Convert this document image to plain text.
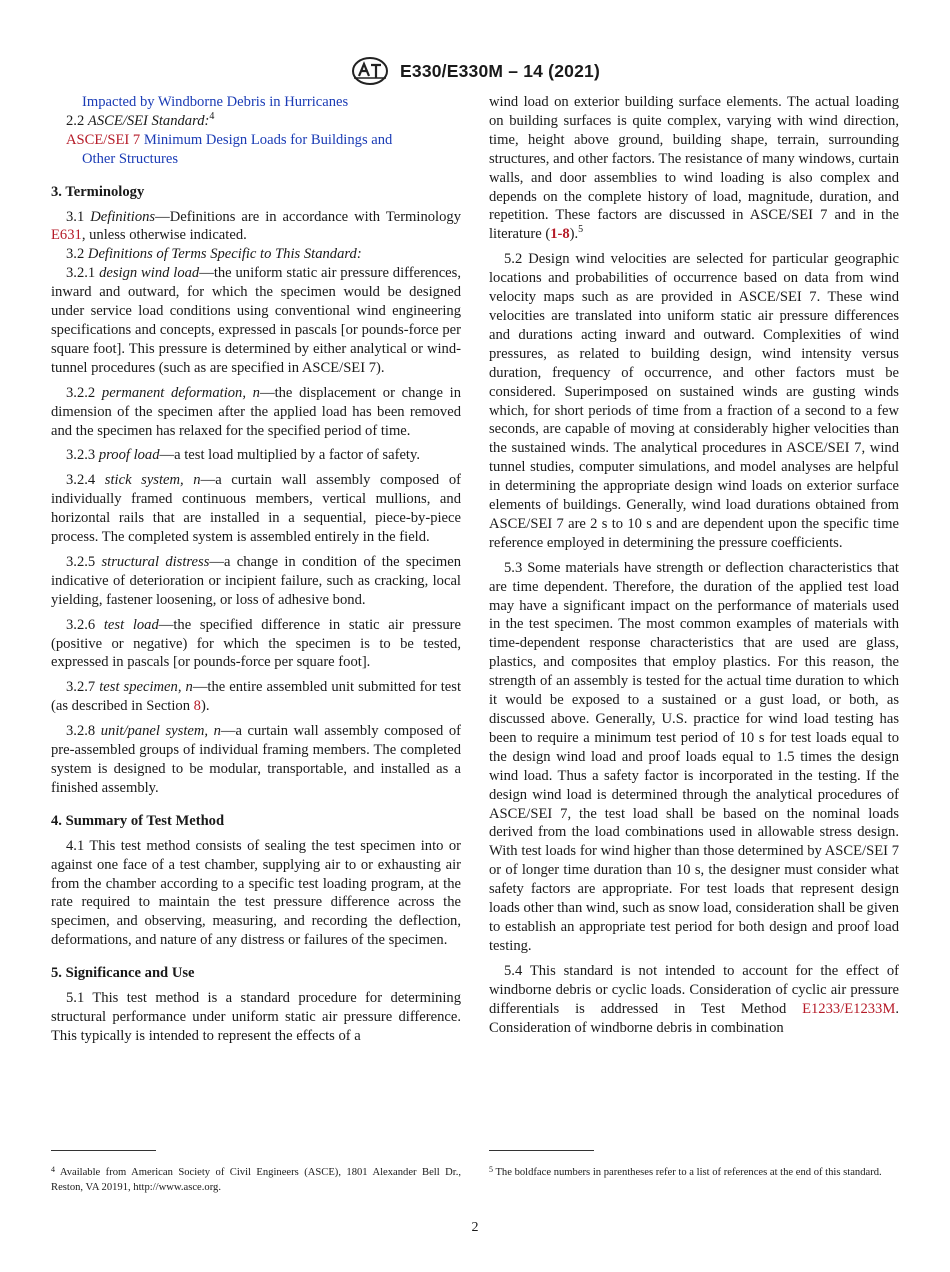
E330/E330M – 14 (2021)

Impacted by Windborne Debris in Hurricanes

2.2 ASCE/SEI Standard:$^4$

ASCE/SEI 7 Minimum Design Loads for Buildings and

Other Structures

3. Terminology

3.1 Definitions—Definitions are in accordance with Terminology E631, unless otherwise indicated.

3.2 Definitions of Terms Specific to This Standard:

3.2.1 design wind load—the uniform static air pressure differences, inward and outward, for which the specimen would be designed under service load conditions using conventional wind engineering specifications and concepts, expressed in pascals [or pounds-force per square foot]. This pressure is determined by either analytical or wind-tunnel procedures (such as are specified in ASCE/SEI 7).

3.2.2 permanent deformation, n—the displacement or change in dimension of the specimen after the applied load has been removed and the specimen has relaxed for the specified period of time.

3.2.3 proof load—a test load multiplied by a factor of safety.

3.2.4 stick system, n—a curtain wall assembly composed of individually framed continuous members, vertical mullions, and horizontal rails that are installed in a sequential, piece-by-piece process. The completed system is assembled entirely in the field.

3.2.5 structural distress—a change in condition of the specimen indicative of deterioration or incipient failure, such as cracking, local yielding, fastener loosening, or loss of adhesive bond.

3.2.6 test load—the specified difference in static air pressure (positive or negative) for which the specimen is to be tested, expressed in pascals [or pounds-force per square foot].

3.2.7 test specimen, n—the entire assembled unit submitted for test (as described in Section 8).

3.2.8 unit/panel system, n—a curtain wall assembly composed of pre-assembled groups of individual framing members. The completed system is designed to be modular, transportable, and installed as a finished assembly.

4. Summary of Test Method

4.1 This test method consists of sealing the test specimen into or against one face of a test chamber, supplying air to or exhausting air from the chamber according to a specific test loading program, at the rate required to maintain the test pressure difference across the specimen, and observing, measuring, and recording the deflection, deformations, and nature of any distress or failures of the specimen.

5. Significance and Use

5.1 This test method is a standard procedure for determining structural performance under uniform static air pressure difference. This typically is intended to represent the effects of a

wind load on exterior building surface elements. The actual loading on building surfaces is quite complex, varying with wind direction, time, height above ground, building shape, terrain, surrounding structures, and other factors. The resistance of many windows, curtain walls, and door assemblies to wind loading is also complex and depends on the complete history of load, magnitude, duration, and repetition. These factors are discussed in ASCE/SEI 7 and in the literature (1-8).$^5$

5.2 Design wind velocities are selected for particular geographic locations and probabilities of occurrence based on data from wind velocity maps such as are provided in ASCE/SEI 7. These wind velocities are translated into uniform static air pressure differences and durations acting inward and outward. Complexities of wind pressures, as related to building design, wind intensity versus duration, frequency of occurrence, and other factors must be considered. Superimposed on sustained winds are gusting winds which, for short periods of time from a fraction of a second to a few seconds, are capable of moving at considerably higher velocities than the sustained winds. The analytical procedures in ASCE/SEI 7, wind tunnel studies, computer simulations, and model analyses are helpful in determining the appropriate design wind loads on exterior surface elements of buildings. Generally, wind load durations obtained from ASCE/SEI 7 are 2 s to 10 s and are dependent upon the specific time reference employed in determining the pressure coefficients.

5.3 Some materials have strength or deflection characteristics that are time dependent. Therefore, the duration of the applied test load may have a significant impact on the performance of materials used in the test specimen. The most common examples of materials with time-dependent response characteristics that are used are glass, plastics, and composites that employ plastics. For this reason, the strength of an assembly is tested for the actual time duration to which it would be exposed to a sustained or a gust load, or both, as discussed above. Generally, U.S. practice for wind load testing has been to require a minimum test period of 10 s for test loads equal to the design wind load and proof loads equal to 1.5 times the design wind load. Thus a safety factor is incorporated in the testing. If the design wind load is determined through the analytical procedures of ASCE/SEI 7, the test load shall be based on the nominal loads derived from the load combinations used in allowable stress design. With test loads for wind higher than those determined by ASCE/SEI 7 or of longer time duration than 10 s, the designer must consider what safety factors are appropriate. For test loads that represent design loads other than wind, such as snow load, consideration shall be given to establish an appropriate test period for both design and proof load testing.

5.4 This standard is not intended to account for the effect of windborne debris or cyclic loads. Consideration of cyclic air pressure differentials is addressed in Test Method E1233/E1233M. Consideration of windborne debris in combination

$^4$ Available from American Society of Civil Engineers (ASCE), 1801 Alexander Bell Dr., Reston, VA 20191, http://www.asce.org.
$^5$ The boldface numbers in parentheses refer to a list of references at the end of this standard.
2
